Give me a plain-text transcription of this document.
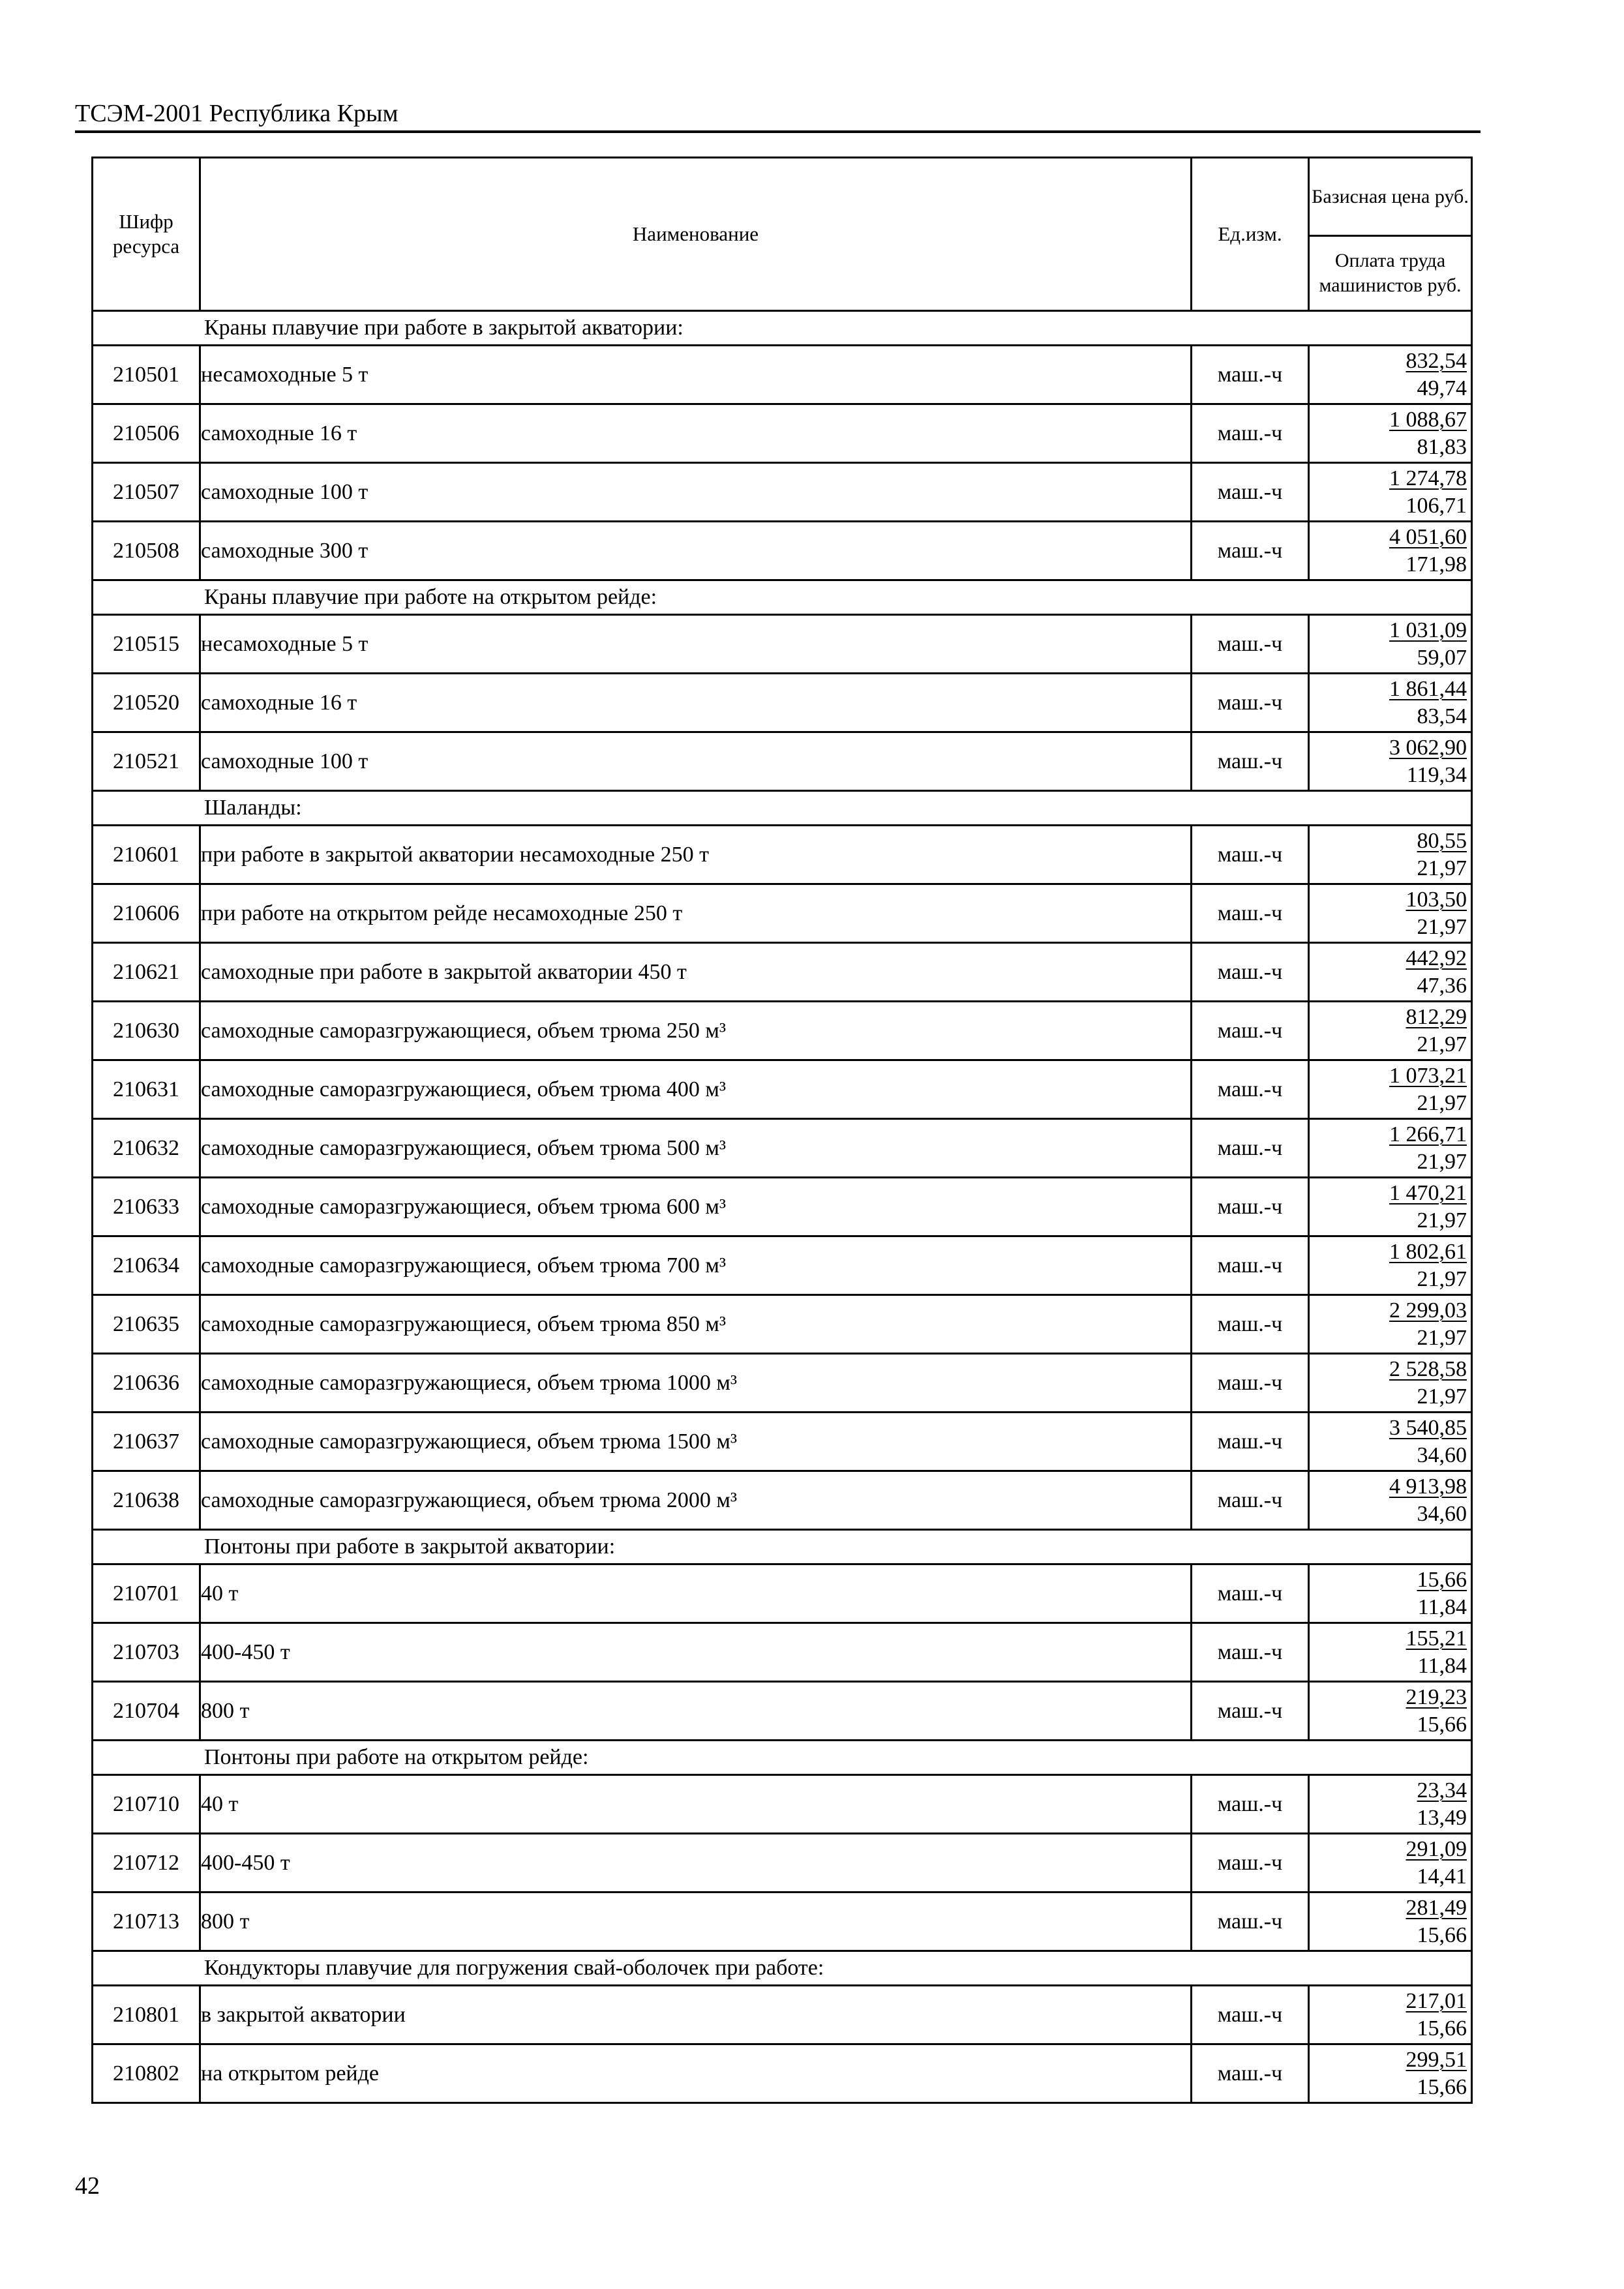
ТСЭМ-2001 Республика Крым
Шифр ресурса	Наименование	Ед.изм.	Базисная цена руб.
			Оплата труда машинистов руб.
Краны плавучие при работе в закрытой акватории:			
210501	несамоходные 5 т	маш.-ч	832,54
49,74

210506	самоходные 16 т	маш.-ч	1 088,67
81,83

210507	самоходные 100 т	маш.-ч	1 274,78
106,71

210508	самоходные 300 т	маш.-ч	4 051,60
171,98

Краны плавучие при работе на открытом рейде:			
210515	несамоходные 5 т	маш.-ч	1 031,09
59,07

210520	самоходные 16 т	маш.-ч	1 861,44
83,54

210521	самоходные 100 т	маш.-ч	3 062,90
119,34

Шаланды:			
210601	при работе в закрытой акватории несамоходные 250 т	маш.-ч	80,55
21,97

210606	при работе на открытом рейде несамоходные 250 т	маш.-ч	103,50
21,97

210621	самоходные при работе в закрытой акватории 450 т	маш.-ч	442,92
47,36

210630	самоходные саморазгружающиеся, объем трюма 250 м³	маш.-ч	812,29
21,97

210631	самоходные саморазгружающиеся, объем трюма 400 м³	маш.-ч	1 073,21
21,97

210632	самоходные саморазгружающиеся, объем трюма 500 м³	маш.-ч	1 266,71
21,97

210633	самоходные саморазгружающиеся, объем трюма 600 м³	маш.-ч	1 470,21
21,97

210634	самоходные саморазгружающиеся, объем трюма 700 м³	маш.-ч	1 802,61
21,97

210635	самоходные саморазгружающиеся, объем трюма 850 м³	маш.-ч	2 299,03
21,97

210636	самоходные саморазгружающиеся, объем трюма 1000 м³	маш.-ч	2 528,58
21,97

210637	самоходные саморазгружающиеся, объем трюма 1500 м³	маш.-ч	3 540,85
34,60

210638	самоходные саморазгружающиеся, объем трюма 2000 м³	маш.-ч	4 913,98
34,60

Понтоны при работе в закрытой акватории:			
210701	40 т	маш.-ч	15,66
11,84

210703	400-450 т	маш.-ч	155,21
11,84

210704	800 т	маш.-ч	219,23
15,66

Понтоны при работе на открытом рейде:			
210710	40 т	маш.-ч	23,34
13,49

210712	400-450 т	маш.-ч	291,09
14,41

210713	800 т	маш.-ч	281,49
15,66

Кондукторы плавучие для погружения свай-оболочек при работе:			
210801	в закрытой акватории	маш.-ч	217,01
15,66

210802	на открытом рейде	маш.-ч	299,51
15,66
42
